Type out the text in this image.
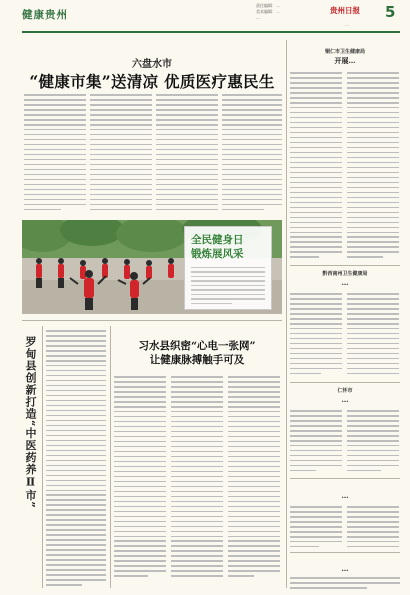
健康贵州
责任编辑：…
美术编辑：…
…
贵州日报 5
…
六盘水市
“健康市集”送清凉 优质医疗惠民生
全民健身日
锻炼展风采
罗甸县创新打造“中医药养Ⅱ市”	习水县织密“心电一张网”
让健康脉搏触手可及
铜仁市卫生健康局
开展…
黔西南州卫生健康局
…
仁怀市
…
…
…
